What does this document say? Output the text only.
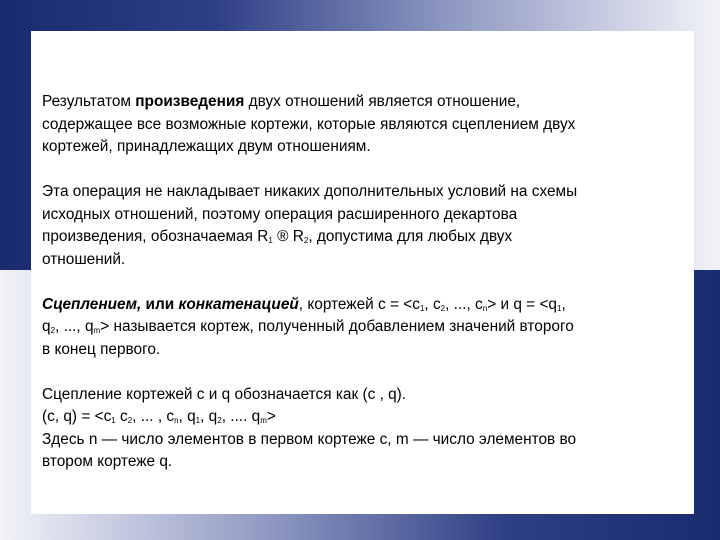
Результатом произведения двух отношений является отношение,
содержащее все возможные кортежи, которые являются сцеплением двух
кортежей, принадлежащих двум отношениям.

Эта операция не накладывает никаких дополнительных условий на схемы
исходных отношений, поэтому операция расширенного декартова
произведения, обозначаемая $R_1$ ® $R_2$, допустима для любых двух
отношений.

Сцеплением, или конкатенацией, кортежей $с = <c_1$, $с_2$, ..., $с_n> и$ $q = <q_1$,
$q_2$, ..., $q_m>$ называется кортеж, полученный добавлением значений второго
в конец первого.

Сцепление кортежей с и q обозначается как (с , q).
(с, $q) = <c_1$ $с_2$, ... , $с_n$, $q_1$, $q_2$, .... $q_m>$
Здесь n — число элементов в первом кортеже с, m — число элементов во
втором кортеже q.
